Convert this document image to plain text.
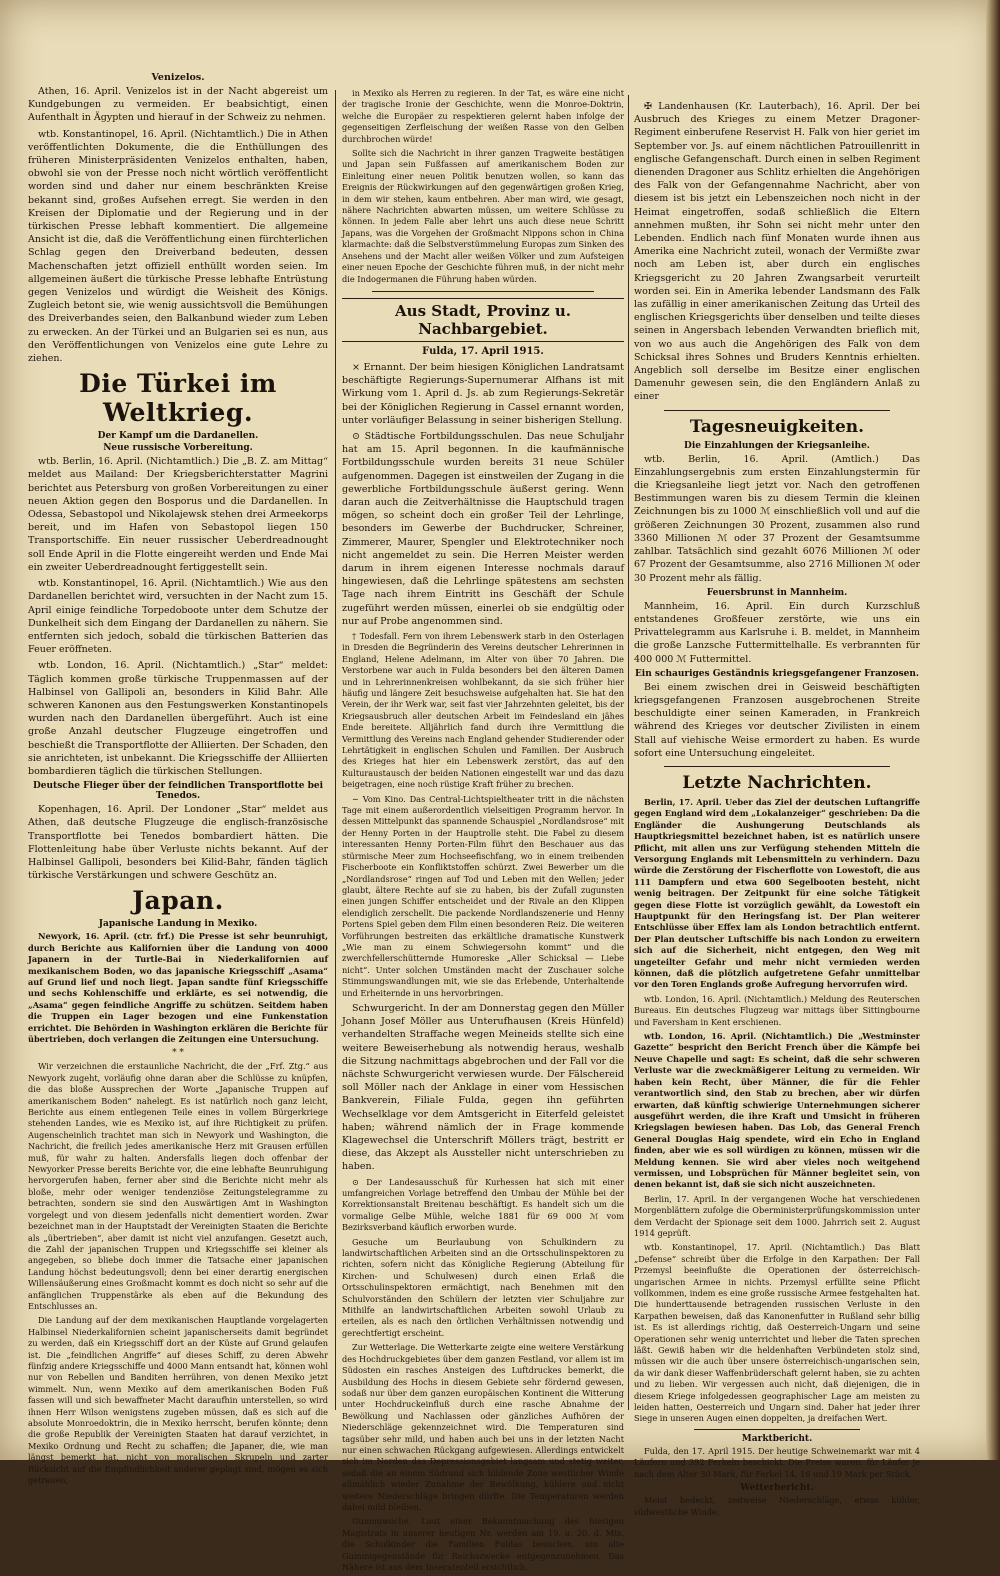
Venizelos.

Athen, 16. April. Venizelos ist in der Nacht abgereist um Kundgebungen zu vermeiden. Er beabsichtigt, einen Aufenthalt in Ägypten und hierauf in der Schweiz zu nehmen.

wtb. Konstantinopel, 16. April. (Nichtamtlich.) Die in Athen veröffentlichten Dokumente, die die Enthüllungen des früheren Ministerpräsidenten Venizelos enthalten, haben, obwohl sie von der Presse noch nicht wörtlich veröffentlicht worden sind und daher nur einem beschränkten Kreise bekannt sind, großes Aufsehen erregt. Sie werden in den Kreisen der Diplomatie und der Regierung und in der türkischen Presse lebhaft kommentiert. Die allgemeine Ansicht ist die, daß die Veröffentlichung einen fürchterlichen Schlag gegen den Dreiverband bedeuten, dessen Machenschaften jetzt offiziell enthüllt worden seien. Im allgemeinen äußert die türkische Presse lebhafte Entrüstung gegen Venizelos und würdigt die Weisheit des Königs. Zugleich betont sie, wie wenig aussichtsvoll die Bemühungen des Dreiverbandes seien, den Balkanbund wieder zum Leben zu erwecken. An der Türkei und an Bulgarien sei es nun, aus den Veröffentlichungen von Venizelos eine gute Lehre zu ziehen.

Die Türkei im Weltkrieg.
Der Kampf um die Dardanellen.
Neue russische Vorbereitung.

wtb. Berlin, 16. April. (Nichtamtlich.) Die „B. Z. am Mittag“ meldet aus Mailand: Der Kriegsberichterstatter Magrini berichtet aus Petersburg von großen Vorbereitungen zu einer neuen Aktion gegen den Bosporus und die Dardanellen. In Odessa, Sebastopol und Nikolajewsk stehen drei Armeekorps bereit, und im Hafen von Sebastopol liegen 150 Transportschiffe. Ein neuer russischer Ueberdreadnought soll Ende April in die Flotte eingereiht werden und Ende Mai ein zweiter Ueberdreadnought fertiggestellt sein.

wtb. Konstantinopel, 16. April. (Nichtamtlich.) Wie aus den Dardanellen berichtet wird, versuchten in der Nacht zum 15. April einige feindliche Torpedoboote unter dem Schutze der Dunkelheit sich dem Eingang der Dardanellen zu nähern. Sie entfernten sich jedoch, sobald die türkischen Batterien das Feuer eröffneten.

wtb. London, 16. April. (Nichtamtlich.) „Star“ meldet: Täglich kommen große türkische Truppenmassen auf der Halbinsel von Gallipoli an, besonders in Kilid Bahr. Alle schweren Kanonen aus den Festungswerken Konstantinopels wurden nach den Dardanellen übergeführt. Auch ist eine große Anzahl deutscher Flugzeuge eingetroffen und beschießt die Transportflotte der Alliierten. Der Schaden, den sie anrichteten, ist unbekannt. Die Kriegsschiffe der Alliierten bombardieren täglich die türkischen Stellungen.

Deutsche Flieger über der feindlichen Transportflotte bei Tenedos.

Kopenhagen, 16. April. Der Londoner „Star“ meldet aus Athen, daß deutsche Flugzeuge die englisch-französische Transportflotte bei Tenedos bombardiert hätten. Die Flottenleitung habe über Verluste nichts bekannt. Auf der Halbinsel Gallipoli, besonders bei Kilid-Bahr, fänden täglich türkische Verstärkungen und schwere Geschütz an.

Japan.
Japanische Landung in Mexiko.

Newyork, 16. April. (ctr. frf.) Die Presse ist sehr beunruhigt, durch Berichte aus Kalifornien über die Landung von 4000 Japanern in der Turtle-Bai in Niederkalifornien auf mexikanischem Boden, wo das japanische Kriegsschiff „Asama“ auf Grund lief und noch liegt. Japan sandte fünf Kriegsschiffe und sechs Kohlenschiffe und erklärte, es sei notwendig, die „Asama“ gegen feindliche Angriffe zu schützen. Seitdem haben die Truppen ein Lager bezogen und eine Funkenstation errichtet. Die Behörden in Washington erklären die Berichte für übertrieben, doch verlangen die Zeitungen eine Untersuchung.

* *

Wir verzeichnen die erstaunliche Nachricht, die der „Frf. Ztg.“ aus Newyork zugeht, vorläufig ohne daran aber die Schlüsse zu knüpfen, die das bloße Aussprechen der Worte „Japanische Truppen auf amerikanischem Boden“ nahelegt. Es ist natürlich noch ganz leicht, Berichte aus einem entlegenen Teile eines in vollem Bürgerkriege stehenden Landes, wie es Mexiko ist, auf ihre Richtigkeit zu prüfen. Augenscheinlich trachtet man sich in Newyork und Washington, die Nachricht, die freilich jedes amerikanische Herz mit Grausen erfüllen muß, für wahr zu halten. Andersfalls liegen doch offenbar der Newyorker Presse bereits Berichte vor, die eine lebhafte Beunruhigung hervorgerufen haben, ferner aber sind die Berichte nicht mehr als bloße, mehr oder weniger tendenziöse Zeitungstelegramme zu betrachten, sondern sie sind den Auswärtigen Amt in Washington vorgelegt und von diesem jedenfalls nicht dementiert worden. Zwar bezeichnet man in der Hauptstadt der Vereinigten Staaten die Berichte als „übertrieben“, aber damit ist nicht viel anzufangen. Gesetzt auch, die Zahl der japanischen Truppen und Kriegsschiffe sei kleiner als angegeben, so bliebe doch immer die Tatsache einer japanischen Landung höchst bedeutungsvoll; denn bei einer derartig energischen Willensäußerung eines Großmacht kommt es doch nicht so sehr auf die anfänglichen Truppenstärke als eben auf die Bekundung des Entschlusses an.

Die Landung auf der dem mexikanischen Hauptlande vorgelagerten Halbinsel Niederkalifornien scheint japanischerseits damit begründet zu werden, daß ein Kriegsschiff dort an der Küste auf Grund gelaufen ist. Die „feindlichen Angriffe“ auf dieses Schiff, zu deren Abwehr fünfzig andere Kriegsschiffe und 4000 Mann entsandt hat, können wohl nur von Rebellen und Banditen herrühren, von denen Mexiko jetzt wimmelt. Nun, wenn Mexiko auf dem amerikanischen Boden Fuß fassen will und sich bewaffneter Macht daraufhin unterstellen, so wird ihnen Herr Wilson wenigstens zugeben müssen, daß es sich auf die absolute Monroedoktrin, die in Mexiko herrscht, berufen könnte; denn die große Republik der Vereinigten Staaten hat darauf verzichtet, in Mexiko Ordnung und Recht zu schaffen; die Japaner, die, wie man längst bemerkt hat, nicht von moralischen Skrupeln und zarter Rücksicht auf die Empfindlichkeit anderer geplagt sind, mögen es sich getrauen,

in Mexiko als Herren zu regieren. In der Tat, es wäre eine nicht der tragische Ironie der Geschichte, wenn die Monroe-Doktrin, welche die Europäer zu respektieren gelernt haben infolge der gegenseitigen Zerfleischung der weißen Rasse von den Gelben durchbrochen würde!

Sollte sich die Nachricht in ihrer ganzen Tragweite bestätigen und Japan sein Fußfassen auf amerikanischem Boden zur Einleitung einer neuen Politik benutzen wollen, so kann das Ereignis der Rückwirkungen auf den gegenwärtigen großen Krieg, in dem wir stehen, kaum entbehren. Aber man wird, wie gesagt, nähere Nachrichten abwarten müssen, um weitere Schlüsse zu können. In jedem Falle aber lehrt uns auch diese neue Schritt Japans, was die Vorgehen der Großmacht Nippons schon in China klarmachte: daß die Selbstverstümmelung Europas zum Sinken des Ansehens und der Macht aller weißen Völker und zum Aufsteigen einer neuen Epoche der Geschichte führen muß, in der nicht mehr die Indogermanen die Führung haben würden.

Aus Stadt, Provinz u. Nachbargebiet.
Fulda, 17. April 1915.

× Ernannt. Der beim hiesigen Königlichen Landratsamt beschäftigte Regierungs-Supernumerar Alfhans ist mit Wirkung vom 1. April d. Js. ab zum Regierungs-Sekretär bei der Königlichen Regierung in Cassel ernannt worden, unter vorläufiger Belassung in seiner bisherigen Stellung.

⊙ Städtische Fortbildungsschulen. Das neue Schuljahr hat am 15. April begonnen. In die kaufmännische Fortbildungsschule wurden bereits 31 neue Schüler aufgenommen. Dagegen ist einstweilen der Zugang in die gewerbliche Fortbildungsschule äußerst gering. Wenn daran auch die Zeitverhältnisse die Hauptschuld tragen mögen, so scheint doch ein großer Teil der Lehrlinge, besonders im Gewerbe der Buchdrucker, Schreiner, Zimmerer, Maurer, Spengler und Elektrotechniker noch nicht angemeldet zu sein. Die Herren Meister werden darum in ihrem eigenen Interesse nochmals darauf hingewiesen, daß die Lehrlinge spätestens am sechsten Tage nach ihrem Eintritt ins Geschäft der Schule zugeführt werden müssen, einerlei ob sie endgültig oder nur auf Probe angenommen sind.

† Todesfall. Fern von ihrem Lebenswerk starb in den Osterlagen in Dresden die Begründerin des Vereins deutscher Lehrerinnen in England, Helene Adelmann, im Alter von über 70 Jahren. Die Verstorbene war auch in Fulda besonders bei den älteren Damen und in Lehrerinnenkreisen wohlbekannt, da sie sich früher hier häufig und längere Zeit besuchsweise aufgehalten hat. Sie hat den Verein, der ihr Werk war, seit fast vier Jahrzehnten geleitet, bis der Kriegsausbruch aller deutschen Arbeit im Feindesland ein jähes Ende bereitete. Alljährlich fand durch ihre Vermittlung die Vermittlung des Vereins nach England gehender Studierender oder Lehrtätigkeit in englischen Schulen und Familien. Der Ausbruch des Krieges hat hier ein Lebenswerk zerstört, das auf den Kulturaustausch der beiden Nationen eingestellt war und das dazu beigetragen, eine noch rüstige Kraft früher zu brechen.

∼ Vom Kino. Das Central-Lichtspieltheater tritt in die nächsten Tage mit einem außerordentlich vielseitigen Programm hervor. In dessen Mittelpunkt das spannende Schauspiel „Nordlandsrose“ mit der Henny Porten in der Hauptrolle steht. Die Fabel zu diesem interessanten Henny Porten-Film führt den Beschauer aus das stürmische Meer zum Hochseefischfang, wo in einem treibenden Fischerboote ein Konfliktstoffen schürzt. Zwei Bewerber um die „Nordlandsrose“ ringen auf Tod und Leben mit den Wellen; jeder glaubt, ältere Rechte auf sie zu haben, bis der Zufall zugunsten einen jungen Schiffer entscheidet und der Rivale an den Klippen elendiglich zerschellt. Die packende Nordlandszenerie und Henny Portens Spiel geben dem Film einen besonderen Reiz. Die weiteren Vorführungen bestreiten das erkältliche dramatische Kunstwerk „Wie man zu einem Schwiegersohn kommt“ und die zwerchfellerschütternde Humoreske „Aller Schicksal — Liebe nicht“. Unter solchen Umständen macht der Zuschauer solche Stimmungswandlungen mit, wie sie das Erlebende, Unterhaltende und Erheiternde in uns hervorbringen.

Schwurgericht. In der am Donnerstag gegen den Müller Johann Josef Möller aus Unterufhausen (Kreis Hünfeld) verhandelten Straffache wegen Meineids stellte sich eine weitere Beweiserhebung als notwendig heraus, weshalb die Sitzung nachmittags abgebrochen und der Fall vor die nächste Schwurgericht verwiesen wurde. Der Fälschereid soll Möller nach der Anklage in einer vom Hessischen Bankverein, Filiale Fulda, gegen ihn geführten Wechselklage vor dem Amtsgericht in Eiterfeld geleistet haben; während nämlich der in Frage kommende Klagewechsel die Unterschrift Möllers trägt, bestritt er diese, das Akzept als Aussteller nicht unterschrieben zu haben.

⊙ Der Landesausschuß für Kurhessen hat sich mit einer umfangreichen Vorlage betreffend den Umbau der Mühle bei der Korrektionsanstalt Breitenau beschäftigt. Es handelt sich um die vormalige Gelbe Mühle, welche 1881 für 69 000 ℳ vom Bezirksverband käuflich erworben wurde.

Gesuche um Beurlaubung von Schulkindern zu landwirtschaftlichen Arbeiten sind an die Ortsschulinspektoren zu richten, sofern nicht das Königliche Regierung (Abteilung für Kirchen- und Schulwesen) durch einen Erlaß die Ortsschulinspektoren ermächtigt, nach Benehmen mit den Schulvorständen den Schülern der letzten vier Schuljahre zur Mithilfe an landwirtschaftlichen Arbeiten sowohl Urlaub zu erteilen, als es nach den örtlichen Verhältnissen notwendig und gerechtfertigt erscheint.

Zur Wetterlage. Die Wetterkarte zeigte eine weitere Verstärkung des Hochdruckgebietes über dem ganzen Festland, vor allem ist im Südosten ein rasches Ansteigen des Luftdruckes bemerkt, die Ausbildung des Hochs in diesem Gebiete sehr fördernd gewesen, sodaß nur über dem ganzen europäischen Kontinent die Witterung unter Hochdruckeinfluß durch eine rasche Abnahme der Bewölkung und Nachlassen oder gänzliches Aufhören der Niederschläge gekennzeichnet wird. Die Temperaturen sind tagsüber sehr mild, und haben auch bei uns in der letzten Nacht nur einen schwachen Rückgang aufgewiesen. Allerdings entwickelt sich im Norden das Depressionsgebiet langsam und stetig weiter, sodaß die an einem Südrand sich bildende Zone westlicher Winde allmählich wieder Zunahme der Bewölkung, kühlere und nicht weitere Niederschläge bringen dürfte. Die Temperaturen werden dabei mild bleiben.

Gummiwoche. Laut einer Bekanntmachung des hiesigen Magistrats in unserer heutigen Nr. werden am 19. u. 20. d. Mts. die Schulkinder die Familien Fuldas besuchen, um alte Gummigegenstände für Reichszwecke entgegenzunehmen. Das Nähere ist aus dem Inseratenteil ersichtlich.

✠ Landenhausen (Kr. Lauterbach), 16. April. Der bei Ausbruch des Krieges zu einem Metzer Dragoner-Regiment einberufene Reservist H. Falk von hier geriet im September vor. Js. auf einem nächtlichen Patrouillenritt in englische Gefangenschaft. Durch einen in selben Regiment dienenden Dragoner aus Schlitz erhielten die Angehörigen des Falk von der Gefangennahme Nachricht, aber von diesem ist bis jetzt ein Lebenszeichen noch nicht in der Heimat eingetroffen, sodaß schließlich die Eltern annehmen mußten, ihr Sohn sei nicht mehr unter den Lebenden. Endlich nach fünf Monaten wurde ihnen aus Amerika eine Nachricht zuteil, wonach der Vermißte zwar noch am Leben ist, aber durch ein englisches Kriegsgericht zu 20 Jahren Zwangsarbeit verurteilt worden sei. Ein in Amerika lebender Landsmann des Falk las zufällig in einer amerikanischen Zeitung das Urteil des englischen Kriegsgerichts über denselben und teilte dieses seinen in Angersbach lebenden Verwandten brieflich mit, von wo aus auch die Angehörigen des Falk von dem Schicksal ihres Sohnes und Bruders Kenntnis erhielten. Angeblich soll derselbe im Besitze einer englischen Damenuhr gewesen sein, die den Engländern Anlaß zu einer

Tagesneuigkeiten.
Die Einzahlungen der Kriegsanleihe.

wtb. Berlin, 16. April. (Amtlich.) Das Einzahlungsergebnis zum ersten Einzahlungstermin für die Kriegsanleihe liegt jetzt vor. Nach den getroffenen Bestimmungen waren bis zu diesem Termin die kleinen Zeichnungen bis zu 1000 ℳ einschließlich voll und auf die größeren Zeichnungen 30 Prozent, zusammen also rund 3360 Millionen ℳ oder 37 Prozent der Gesamtsumme zahlbar. Tatsächlich sind gezahlt 6076 Millionen ℳ oder 67 Prozent der Gesamtsumme, also 2716 Millionen ℳ oder 30 Prozent mehr als fällig.

Feuersbrunst in Mannheim.

Mannheim, 16. April. Ein durch Kurzschluß entstandenes Großfeuer zerstörte, wie uns ein Privattelegramm aus Karlsruhe i. B. meldet, in Mannheim die große Lanzsche Futtermittelhalle. Es verbrannten für 400 000 ℳ Futtermittel.

Ein schauriges Geständnis kriegsgefangener Franzosen.

Bei einem zwischen drei in Geisweid beschäftigten kriegsgefangenen Franzosen ausgebrochenen Streite beschuldigte einer seinen Kameraden, in Frankreich während des Krieges vor deutscher Zivilisten in einem Stall auf viehische Weise ermordert zu haben. Es wurde sofort eine Untersuchung eingeleitet.

Letzte Nachrichten.

Berlin, 17. April. Ueber das Ziel der deutschen Luftangriffe gegen England wird dem „Lokalanzeiger“ geschrieben: Da die Engländer die Aushungerung Deutschlands als Hauptkriegsmittel bezeichnet haben, ist es natürlich unsere Pflicht, mit allen uns zur Verfügung stehenden Mitteln die Versorgung Englands mit Lebensmitteln zu verhindern. Dazu würde die Zerstörung der Fischerflotte von Lowestoft, die aus 111 Dampfern und etwa 600 Segelbooten besteht, nicht wenig beitragen. Der Zeitpunkt für eine solche Tätigkeit gegen diese Flotte ist vorzüglich gewählt, da Lowestoft ein Hauptpunkt für den Heringsfang ist. Der Plan weiterer Entschlüsse über Effex lam als London betrachtlich entfernt. Der Plan deutscher Luftschiffe bis nach London zu erweitern sich auf die Sicherheit, nicht entgegen, den Weg mit ungeteilter Gefahr und mehr nicht vermieden werden können, daß die plötzlich aufgetretene Gefahr unmittelbar vor den Toren Englands große Aufregung hervorrufen wird.

wtb. London, 16. April. (Nichtamtlich.) Meldung des Reuterschen Bureaus. Ein deutsches Flugzeug war mittags über Sittingbourne und Faversham in Kent erschienen.

wtb. London, 16. April. (Nichtamtlich.) Die „Westminster Gazette“ bespricht den Bericht French über die Kämpfe bei Neuve Chapelle und sagt: Es scheint, daß die sehr schweren Verluste war die zweckmäßigerer Leitung zu vermeiden. Wir haben kein Recht, über Männer, die für die Fehler verantwortlich sind, den Stab zu brechen, aber wir dürfen erwarten, daß künftig schwierige Unternehmungen sicherer ausgeführt werden, die ihre Kraft und Umsicht in früheren Kriegslagen bewiesen haben. Das Lob, das General French General Douglas Haig spendete, wird ein Echo in England finden, aber wie es soll würdigen zu können, müssen wir die Meldung kennen. Sie wird aber vieles noch weitgehend vermissen, und Lobsprüchen für Männer begleitet sein, von denen bekannt ist, daß sie sich nicht auszeichneten.

Berlin, 17. April. In der vergangenen Woche hat verschiedenen Morgenblättern zufolge die Oberministerprüfungskommission unter dem Verdacht der Spionage seit dem 1000. Jahrrich seit 2. August 1914 geprüft.

wtb. Konstantinopel, 17. April. (Nichtamtlich.) Das Blatt „Defense“ schreibt über die Erfolge in den Karpathen: Der Fall Przemysl beeinflußte die Operationen der österreichisch-ungarischen Armee in nichts. Przemysl erfüllte seine Pflicht vollkommen, indem es eine große russische Armee festgehalten hat. Die hunderttausende betragenden russischen Verluste in den Karpathen beweisen, daß das Kanonenfutter in Rußland sehr billig ist. Es ist allerdings richtig, daß Oesterreich-Ungarn und seine Operationen sehr wenig unterrichtet und lieber die Taten sprechen läßt. Gewiß haben wir die heldenhaften Verbündeten stolz sind, müssen wir die auch über unsere österreichisch-ungarischen sein, da wir dank dieser Waffenbrüderschaft gelernt haben, sie zu achten und zu lieben. Wir vergessen auch nicht, daß diejenigen, die in diesem Kriege infolgedessen geographischer Lage am meisten zu leiden hatten, Oesterreich und Ungarn sind. Daher hat jeder ihrer Siege in unseren Augen einen doppelten, ja dreifachen Wert.

Marktbericht.

Fulda, den 17. April 1915. Der heutige Schweinemarkt war mit 4 Läufern und 392 Ferkeln beschickt. Die Preise waren: für Läufer je nach dem Alter 30 Mark, für Ferkel 14, 16 und 19 Mark per Stück.

Wetterbericht.

Meist bedeckt, zeitweise Niederschläge, etwas kühler, südwestliche Winde.
